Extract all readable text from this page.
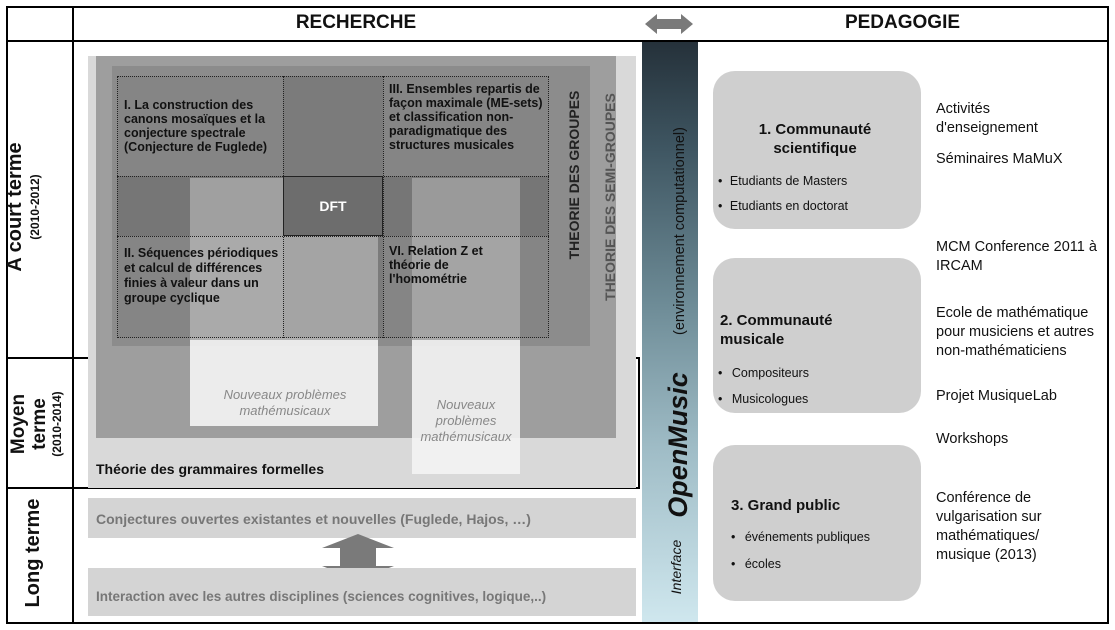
RECHERCHE	PEDAGOGIE
A court terme (2010-2012)
Moyen terme (2010-2014)
Long terme
DFT
I. La construction des canons mosaïques et la conjecture spectrale (Conjecture de Fuglede)
III. Ensembles repartis de façon maximale (ME-sets) et classification non-paradigmatique des structures musicales
II. Séquences périodiques et calcul de différences finies à valeur dans un groupe cyclique
VI. Relation Z et théorie de l'homométrie
THEORIE DES GROUPES THEORIE DES SEMI-GROUPES
Nouveaux problèmes mathémusicaux	Nouveaux problèmes mathémusicaux
Théorie des grammaires formelles
Conjectures ouvertes existantes et nouvelles (Fuglede, Hajos, …)
Interaction avec les autres disciplines (sciences cognitives, logique,..)
(environnement computationnel)
OpenMusic
Interface
1. Communauté scientifique
• Etudiants de Masters
• Etudiants en doctorat
2. Communauté musicale
• Compositeurs
• Musicologues
3. Grand public
• événements publiques
• écoles
Activités d'enseignement
Séminaires MaMuX
MCM Conference 2011 à IRCAM
Ecole de mathématique pour musiciens et autres non-mathématiciens
Projet MusiqueLab
Workshops
Conférence de vulgarisation sur mathématiques/ musique (2013)
